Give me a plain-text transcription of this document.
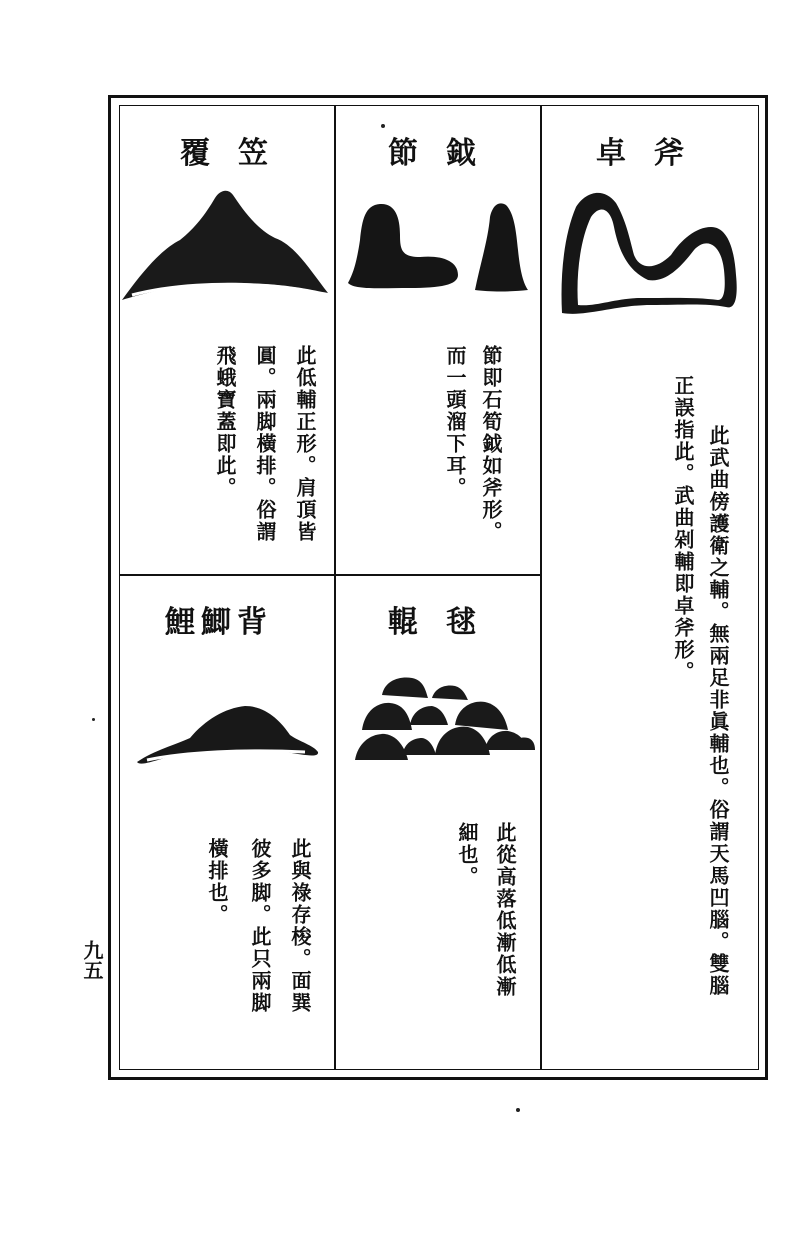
覆笠
此低輔正形。肩頂皆
圓。兩脚橫排。俗謂
飛蛾寶蓋即此。
節鉞
節即石筍鉞如斧形。
而一頭溜下耳。
卓斧
此武曲傍護衛之輔。無兩足非眞輔也。俗謂天馬凹腦。雙腦
正誤指此。武曲剁輔即卓斧形。
鯉鯽背
此與祿存梭。面巽
彼多脚。此只兩脚
橫排也。
輥毬
此從高落低漸低漸
細也。
九五
